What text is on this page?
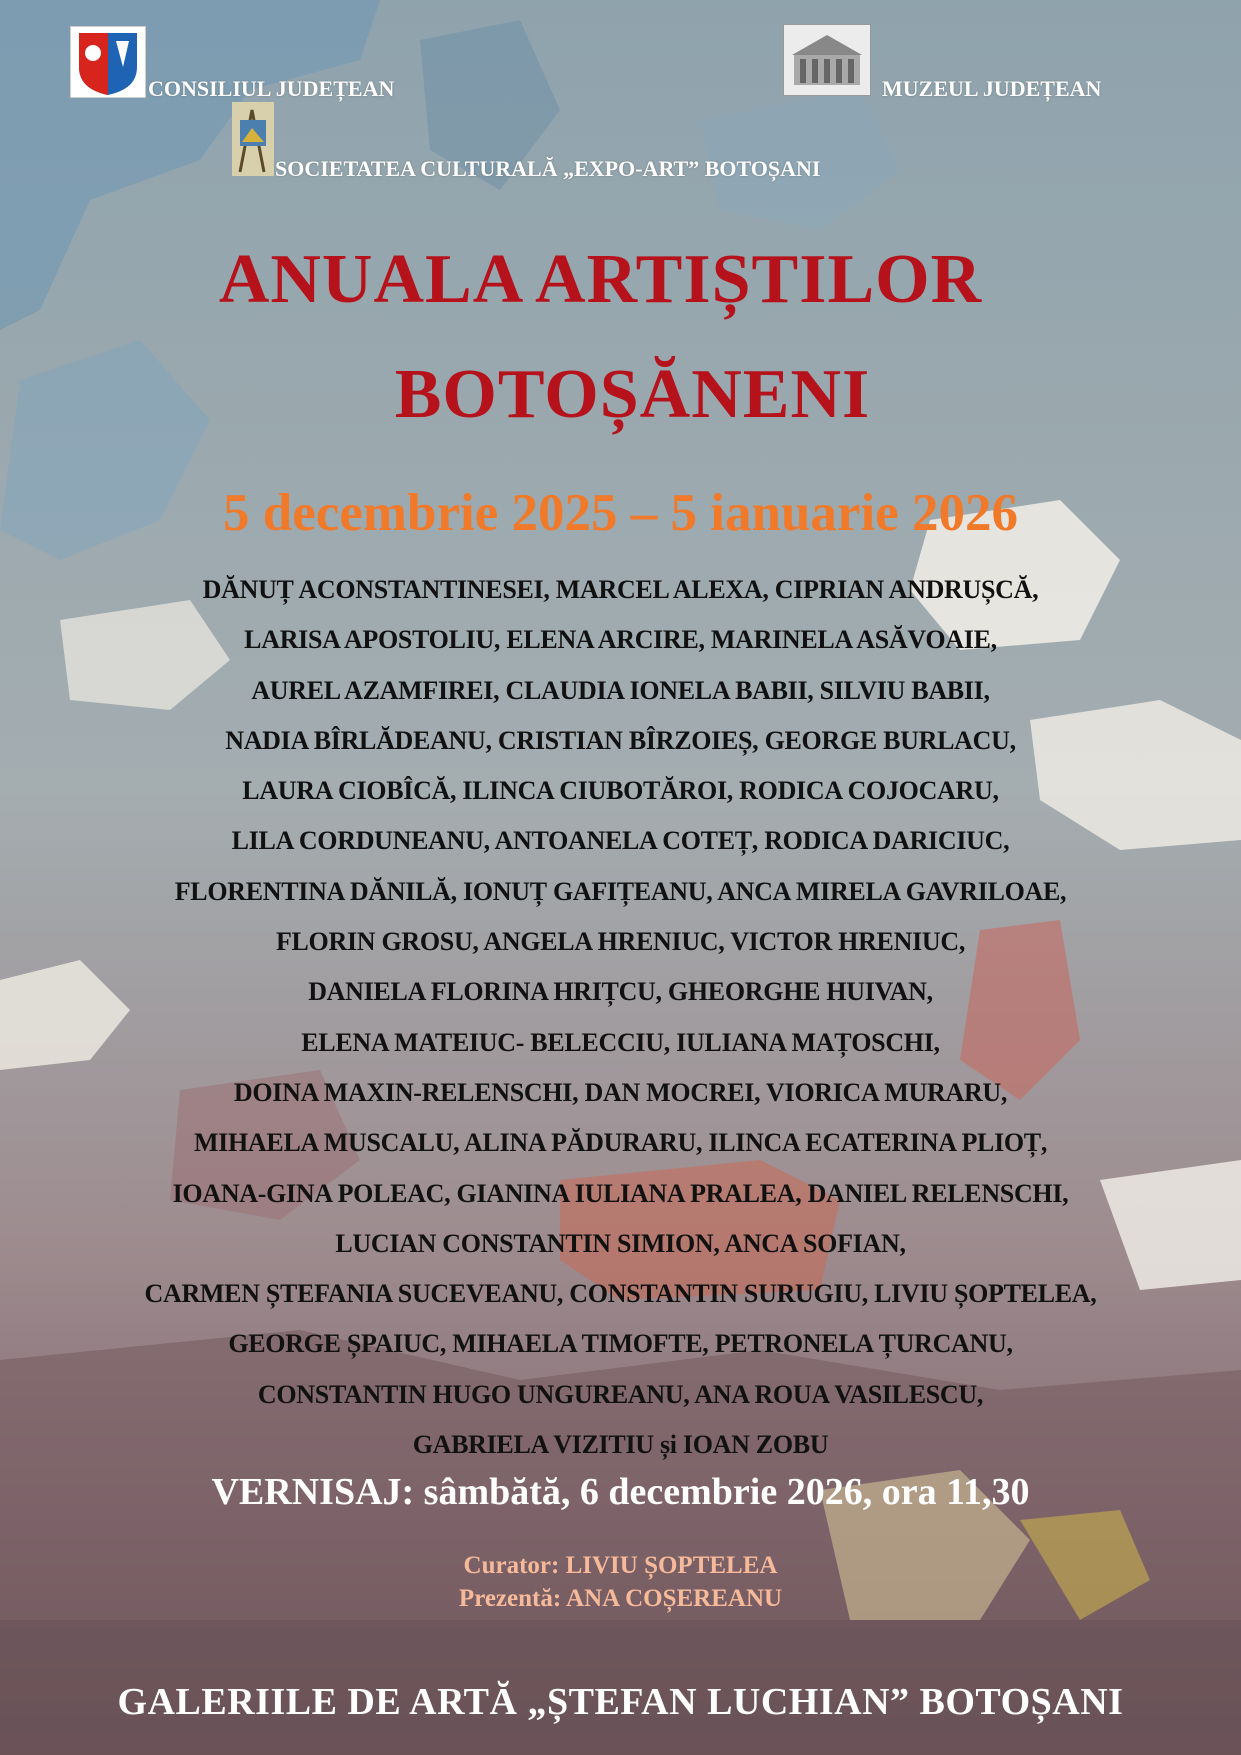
CONSILIUL JUDEȚEAN	MUZEUL JUDEȚEAN
SOCIETATEA CULTURALĂ „EXPO-ART” BOTOȘANI
ANUALA ARTIȘTILOR
BOTOȘĂNENI
5 decembrie 2025 – 5 ianuarie 2026
DĂNUȚ ACONSTANTINESEI, MARCEL ALEXA, CIPRIAN ANDRUȘCĂ,
LARISA APOSTOLIU, ELENA ARCIRE, MARINELA ASĂVOAIE,
AUREL AZAMFIREI, CLAUDIA IONELA BABII, SILVIU BABII,
NADIA BÎRLĂDEANU, CRISTIAN BÎRZOIEȘ, GEORGE BURLACU,
LAURA CIOBÎCĂ, ILINCA CIUBOTĂROI, RODICA COJOCARU,
LILA CORDUNEANU, ANTOANELA COTEȚ, RODICA DARICIUC,
FLORENTINA DĂNILĂ, IONUȚ GAFIȚEANU, ANCA MIRELA GAVRILOAE,
FLORIN GROSU, ANGELA HRENIUC, VICTOR HRENIUC,
DANIELA FLORINA HRIȚCU, GHEORGHE HUIVAN,
ELENA MATEIUC- BELECCIU, IULIANA MAȚOSCHI,
DOINA MAXIN-RELENSCHI, DAN MOCREI, VIORICA MURARU,
MIHAELA MUSCALU, ALINA PĂDURARU, ILINCA ECATERINA PLIOȚ,
IOANA-GINA POLEAC, GIANINA IULIANA PRALEA, DANIEL RELENSCHI,
LUCIAN CONSTANTIN SIMION, ANCA SOFIAN,
CARMEN ȘTEFANIA SUCEVEANU, CONSTANTIN SURUGIU, LIVIU ȘOPTELEA,
GEORGE ȘPAIUC, MIHAELA TIMOFTE, PETRONELA ȚURCANU,
CONSTANTIN HUGO UNGUREANU, ANA ROUA VASILESCU,
GABRIELA VIZITIU și IOAN ZOBU
VERNISAJ: sâmbătă, 6 decembrie 2026, ora 11,30
Curator: LIVIU ȘOPTELEA
Prezentă: ANA COȘEREANU
GALERIILE DE ARTĂ „ȘTEFAN LUCHIAN” BOTOȘANI
